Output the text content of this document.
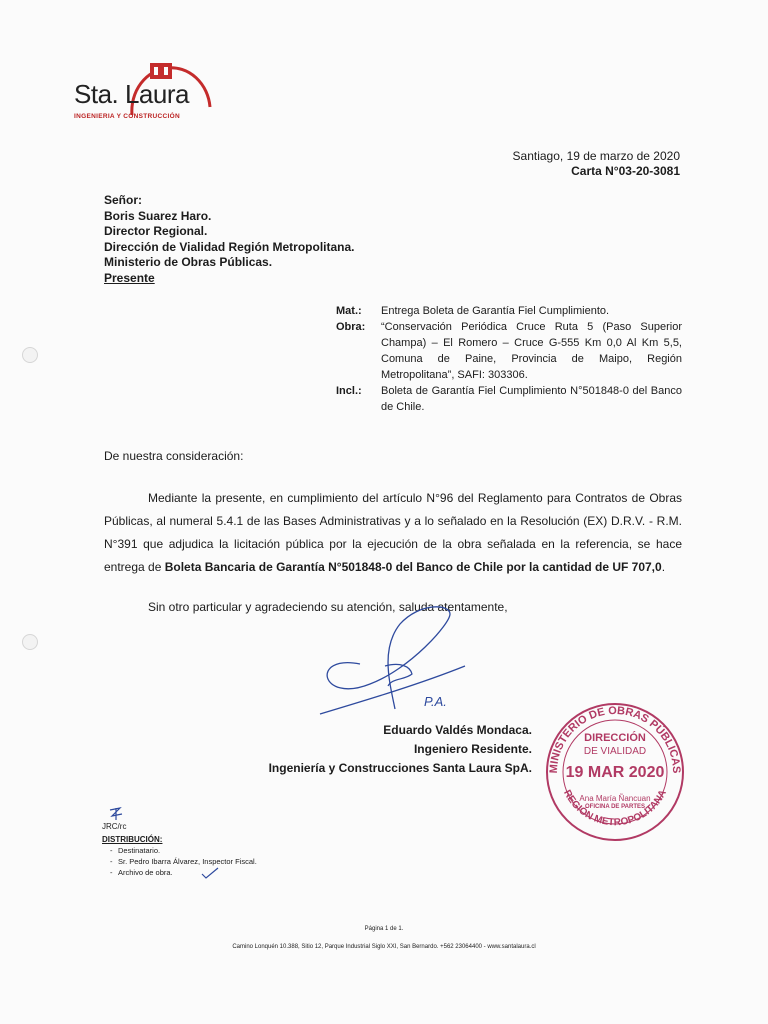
Sta. Laura
INGENIERIA Y CONSTRUCCIÓN
Santiago, 19 de marzo de 2020
Carta N°03-20-3081
Señor:
Boris Suarez Haro.
Director Regional.
Dirección de Vialidad Región Metropolitana.
Ministerio de Obras Públicas.
Presente
Mat.:	Entrega Boleta de Garantía Fiel Cumplimiento.
Obra:	“Conservación Periódica Cruce Ruta 5 (Paso Superior Champa) – El Romero – Cruce G-555 Km 0,0 Al Km 5,5, Comuna de Paine, Provincia de Maipo, Región Metropolitana”, SAFI: 303306.
Incl.:	Boleta de Garantía Fiel Cumplimiento N°501848-0 del Banco de Chile.
De nuestra consideración:

Mediante la presente, en cumplimiento del artículo N°96 del Reglamento para Contratos de Obras Públicas, al numeral 5.4.1 de las Bases Administrativas y a lo señalado en la Resolución (EX) D.R.V. - R.M. N°391 que adjudica la licitación pública por la ejecución de la obra señalada en la referencia, se hace entrega de Boleta Bancaria de Garantía N°501848-0 del Banco de Chile por la cantidad de UF 707,0.

Sin otro particular y agradeciendo su atención, saluda atentamente,
P.A.
Eduardo Valdés Mondaca.
Ingeniero Residente.
Ingeniería y Construcciones Santa Laura SpA. MINISTERIO DE OBRAS PÚBLICAS
REGIÓN METROPOLITANA
DIRECCIÓN
DE VIALIDAD
19 MAR 2020
Ana María Ñancuan
OFICINA DE PARTES
JRC/rc
DISTRIBUCIÓN:
- Destinatario.
- Sr. Pedro Ibarra Álvarez, Inspector Fiscal.
- Archivo de obra.
Página 1 de 1.
Camino Lonquén 10.388, Sitio 12, Parque Industrial Siglo XXI, San Bernardo. +562 23064400 - www.santalaura.cl
